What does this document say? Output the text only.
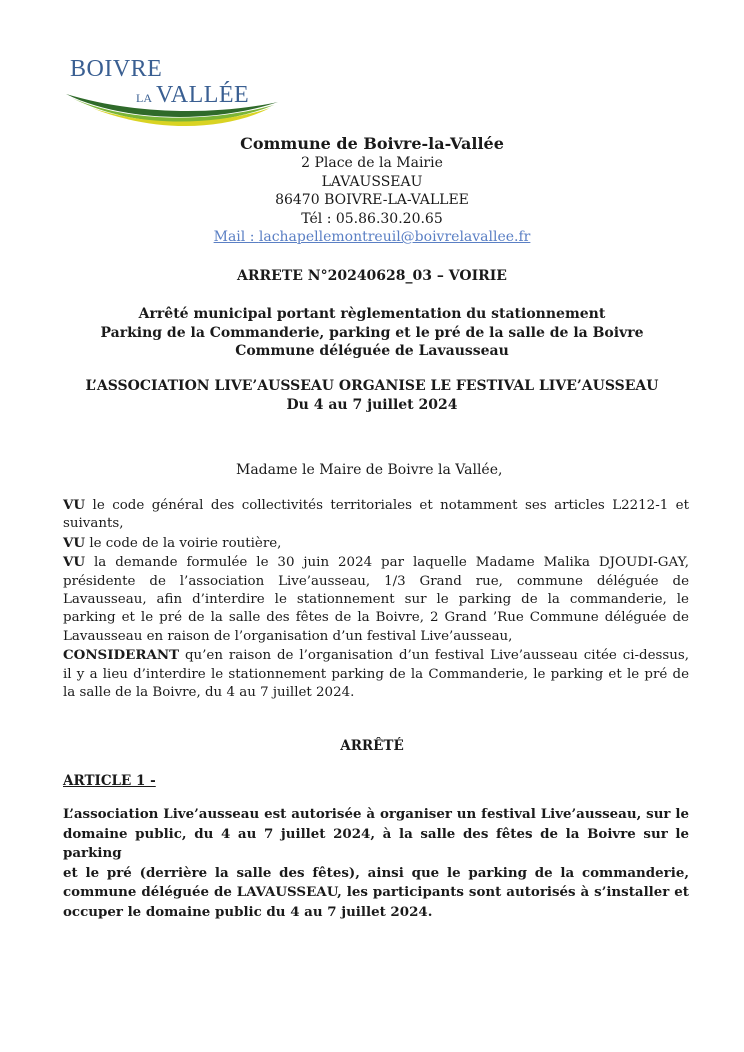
BOIVRE
LA VALLÉE
Commune de Boivre-la-Vallée
2 Place de la Mairie
LAVAUSSEAU
86470 BOIVRE-LA-VALLEE
Tél : 05.86.30.20.65
Mail : lachapellemontreuil@boivrelavallee.fr
ARRETE N°20240628_03 – VOIRIE
Arrêté municipal portant règlementation du stationnement
Parking de la Commanderie, parking et le pré de la salle de la Boivre
Commune déléguée de Lavausseau
L’ASSOCIATION LIVE’AUSSEAU ORGANISE LE FESTIVAL LIVE’AUSSEAU
Du 4 au 7 juillet 2024
Madame le Maire de Boivre la Vallée,
VU le code général des collectivités territoriales et notamment ses articles L2212-1 et
suivants,
VU le code de la voirie routière,
VU la demande formulée le 30 juin 2024 par laquelle Madame Malika DJOUDI-GAY,
présidente de l’association Live’ausseau, 1/3 Grand rue, commune déléguée de
Lavausseau, afin d’interdire le stationnement sur le parking de la commanderie, le
parking et le pré de la salle des fêtes de la Boivre, 2 Grand ’Rue Commune déléguée de
Lavausseau en raison de l’organisation d’un festival Live’ausseau,
CONSIDERANT qu’en raison de l’organisation d’un festival Live’ausseau citée ci-dessus,
il y a lieu d’interdire le stationnement parking de la Commanderie, le parking et le pré de
la salle de la Boivre, du 4 au 7 juillet 2024.
ARRÊTÉ
ARTICLE 1 -
L’association Live’ausseau est autorisée à organiser un festival Live’ausseau, sur le
domaine public, du 4 au 7 juillet 2024, à la salle des fêtes de la Boivre sur le parking
et le pré (derrière la salle des fêtes), ainsi que le parking de la commanderie,
commune déléguée de LAVAUSSEAU, les participants sont autorisés à s’installer et
occuper le domaine public du 4 au 7 juillet 2024.
